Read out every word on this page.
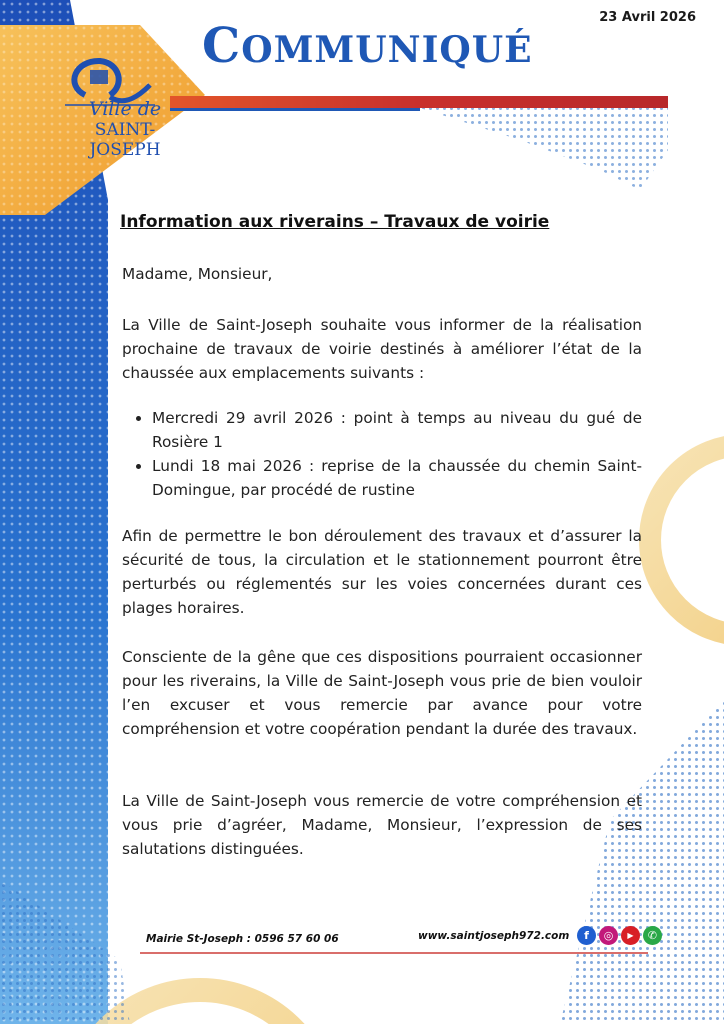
Ville de
SAINT-JOSEPH
23 Avril 2026
COMMUNIQUÉ
Information aux riverains – Travaux de voirie

Madame, Monsieur,

La Ville de Saint-Joseph souhaite vous informer de la réalisation prochaine de travaux de voirie destinés à améliorer l’état de la chaussée aux emplacements suivants :

• Mercredi 29 avril 2026 : point à temps au niveau du gué de Rosière 1
• Lundi 18 mai 2026 : reprise de la chaussée du chemin Saint-Domingue, par procédé de rustine

Afin de permettre le bon déroulement des travaux et d’assurer la sécurité de tous, la circulation et le stationnement pourront être perturbés ou réglementés sur les voies concernées durant ces plages horaires.

Consciente de la gêne que ces dispositions pourraient occasionner pour les riverains, la Ville de Saint-Joseph vous prie de bien vouloir l’en excuser et vous remercie par avance pour votre compréhension et votre coopération pendant la durée des travaux.

La Ville de Saint-Joseph vous remercie de votre compréhension et vous prie d’agréer, Madame, Monsieur, l’expression de ses salutations distinguées.

Mairie St-Joseph : 0596 57 60 06	www.saintjoseph972.com	f	◎	▶	✆
